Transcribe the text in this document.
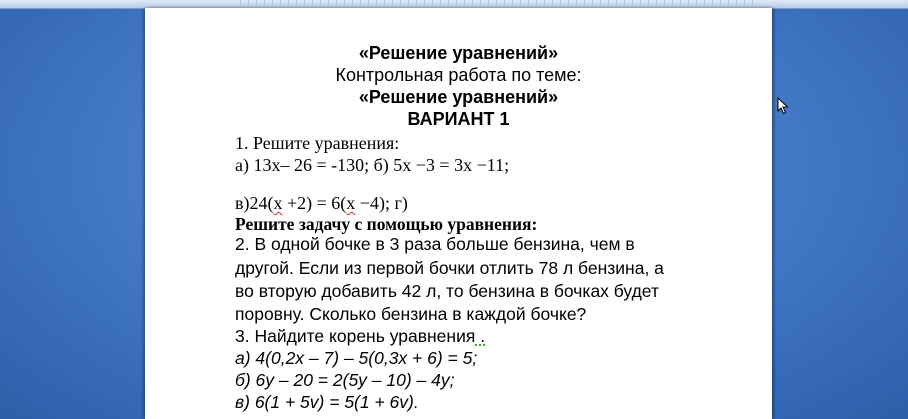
«Решение уравнений»
Контрольная работа по теме:
«Решение уравнений»
ВАРИАНТ 1
1. Решите уравнения:
а) 13х– 26 = -130; б) 5х −3 = 3х −11;
в)24(х +2) = 6(х −4); г)
Решите задачу с помощью уравнения:
2. В одной бочке в 3 раза больше бензина, чем в
другой. Если из первой бочки отлить 78 л бензина, а
во вторую добавить 42 л, то бензина в бочках будет
поровну. Сколько бензина в каждой бочке?
3. Найдите корень уравнения .
а) 4(0,2х – 7) – 5(0,3х + 6) = 5;
б) 6у – 20 = 2(5у – 10) – 4у;
в) 6(1 + 5v) = 5(1 + 6v).
